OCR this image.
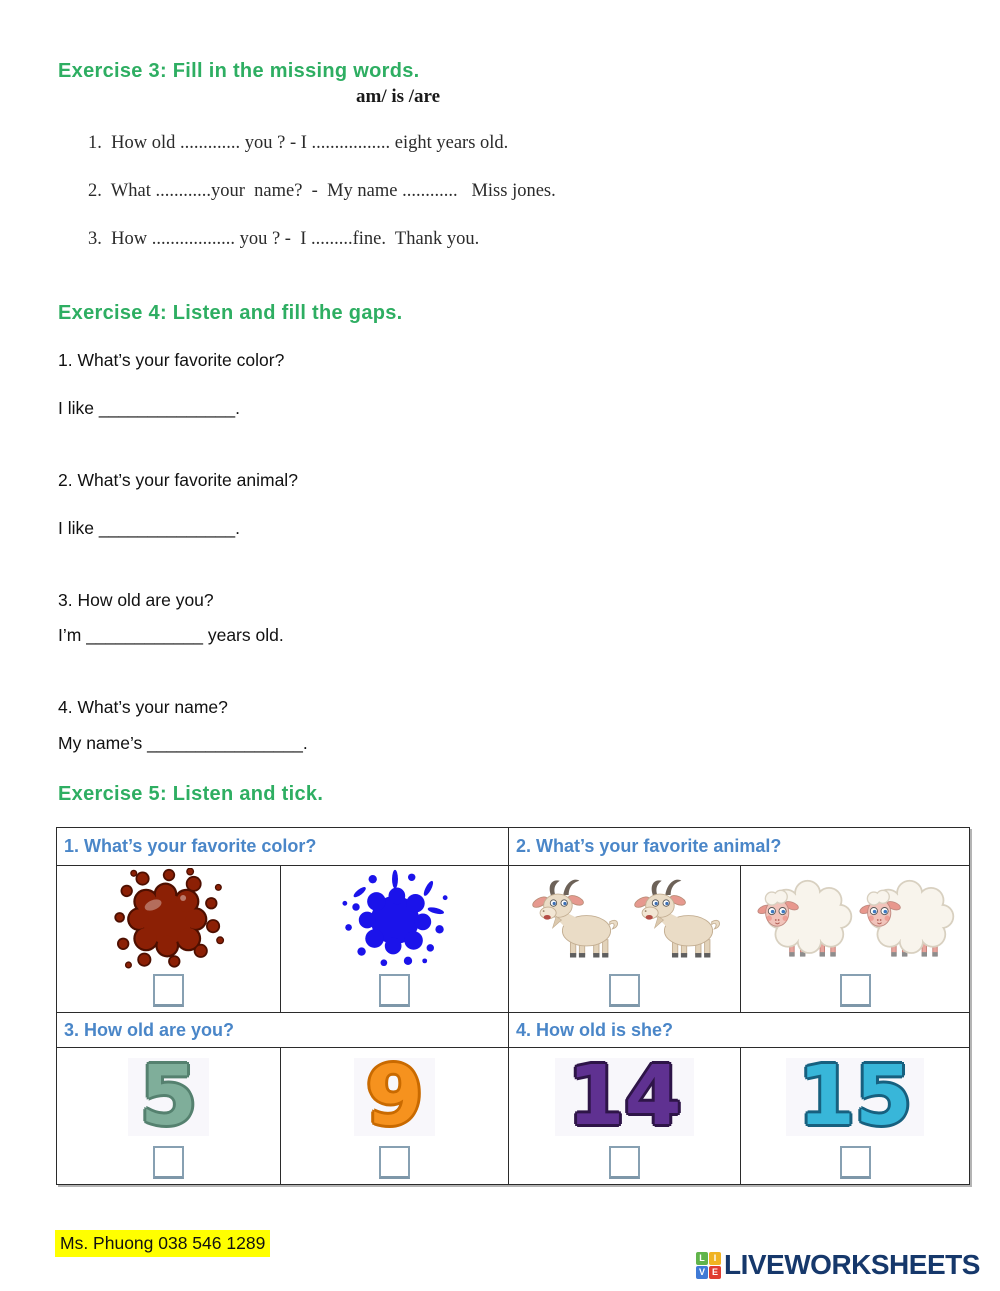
Exercise 3: Fill in the missing words.
am/ is /are
1.  How old ............. you ? - I ................. eight years old.
2.  What ............your  name?  -  My name ............   Miss jones.
3.  How .................. you ? -  I .........fine.  Thank you.
Exercise 4: Listen and fill the gaps.
1. What’s your favorite color?
I like ______________.
2. What’s your favorite animal?
I like ______________.
3. How old are you?
I’m ____________ years old.
4. What’s your name?
My name’s ________________.
Exercise 5: Listen and tick.
1. What’s your favorite color?	2. What’s your favorite animal?
3. How old are you?	4. How old is she?
5 9 14 15
Ms. Phuong 038 546 1289
L I
V E LIVEWORKSHEETS
